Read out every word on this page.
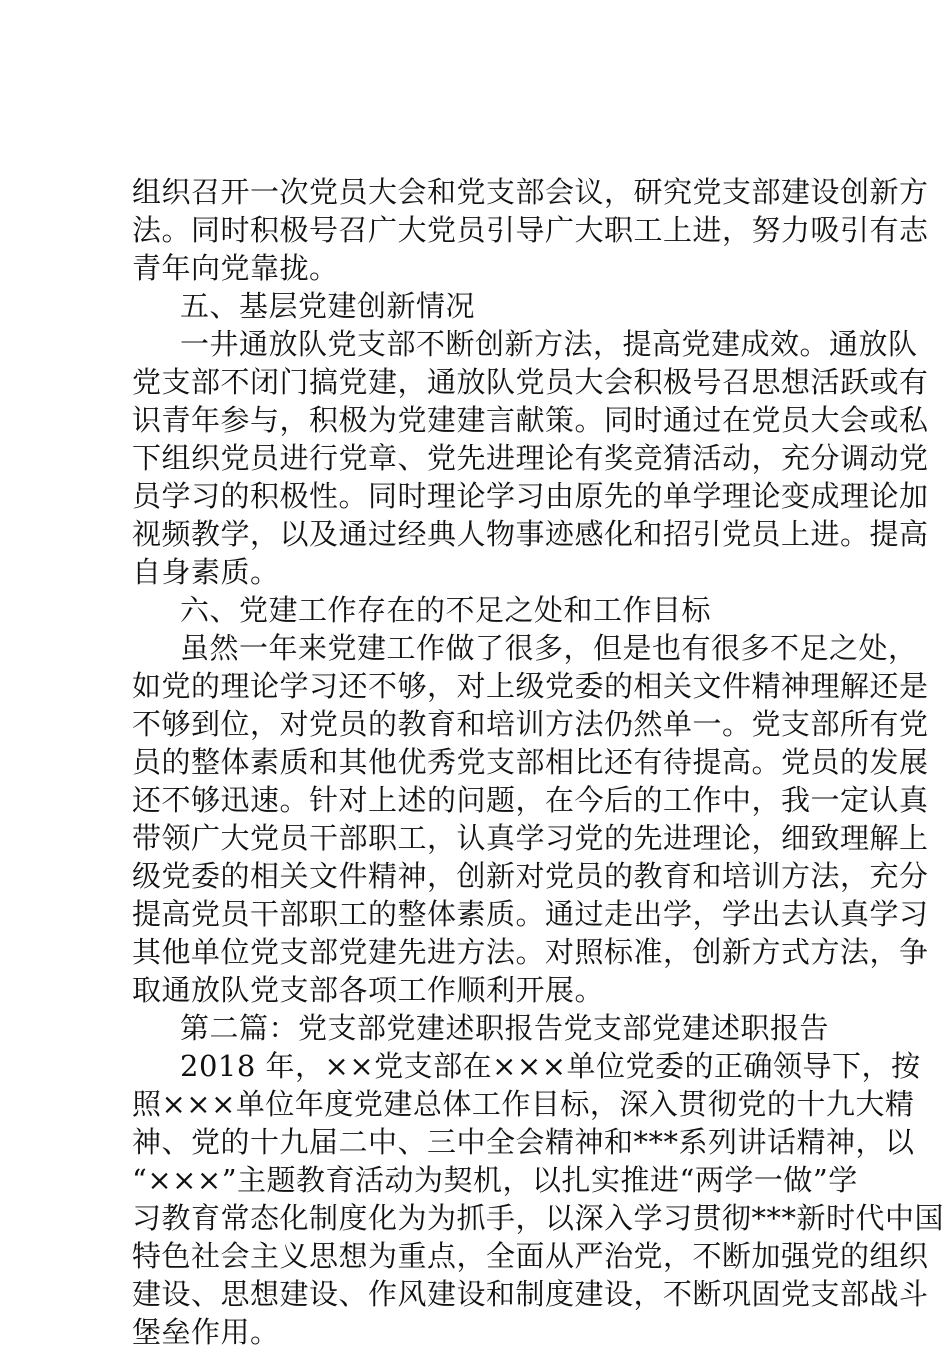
组织召开一次党员大会和党支部会议，研究党支部建设创新方
法。同时积极号召广大党员引导广大职工上进，努力吸引有志
青年向党靠拢。
五、基层党建创新情况
一井通放队党支部不断创新方法，提高党建成效。通放队
党支部不闭门搞党建，通放队党员大会积极号召思想活跃或有
识青年参与，积极为党建建言献策。同时通过在党员大会或私
下组织党员进行党章、党先进理论有奖竞猜活动，充分调动党
员学习的积极性。同时理论学习由原先的单学理论变成理论加
视频教学，以及通过经典人物事迹感化和招引党员上进。提高
自身素质。
六、党建工作存在的不足之处和工作目标
虽然一年来党建工作做了很多，但是也有很多不足之处，
如党的理论学习还不够，对上级党委的相关文件精神理解还是
不够到位，对党员的教育和培训方法仍然单一。党支部所有党
员的整体素质和其他优秀党支部相比还有待提高。党员的发展
还不够迅速。针对上述的问题，在今后的工作中，我一定认真
带领广大党员干部职工，认真学习党的先进理论，细致理解上
级党委的相关文件精神，创新对党员的教育和培训方法，充分
提高党员干部职工的整体素质。通过走出学，学出去认真学习
其他单位党支部党建先进方法。对照标准，创新方式方法，争
取通放队党支部各项工作顺利开展。
第二篇：党支部党建述职报告党支部党建述职报告
2018 年，××党支部在×××单位党委的正确领导下，按
照×××单位年度党建总体工作目标，深入贯彻党的十九大精
神、党的十九届二中、三中全会精神和***系列讲话精神，以
“×××”主题教育活动为契机，以扎实推进“两学一做”学
习教育常态化制度化为为抓手，以深入学习贯彻***新时代中国
特色社会主义思想为重点，全面从严治党，不断加强党的组织
建设、思想建设、作风建设和制度建设，不断巩固党支部战斗
堡垒作用。
